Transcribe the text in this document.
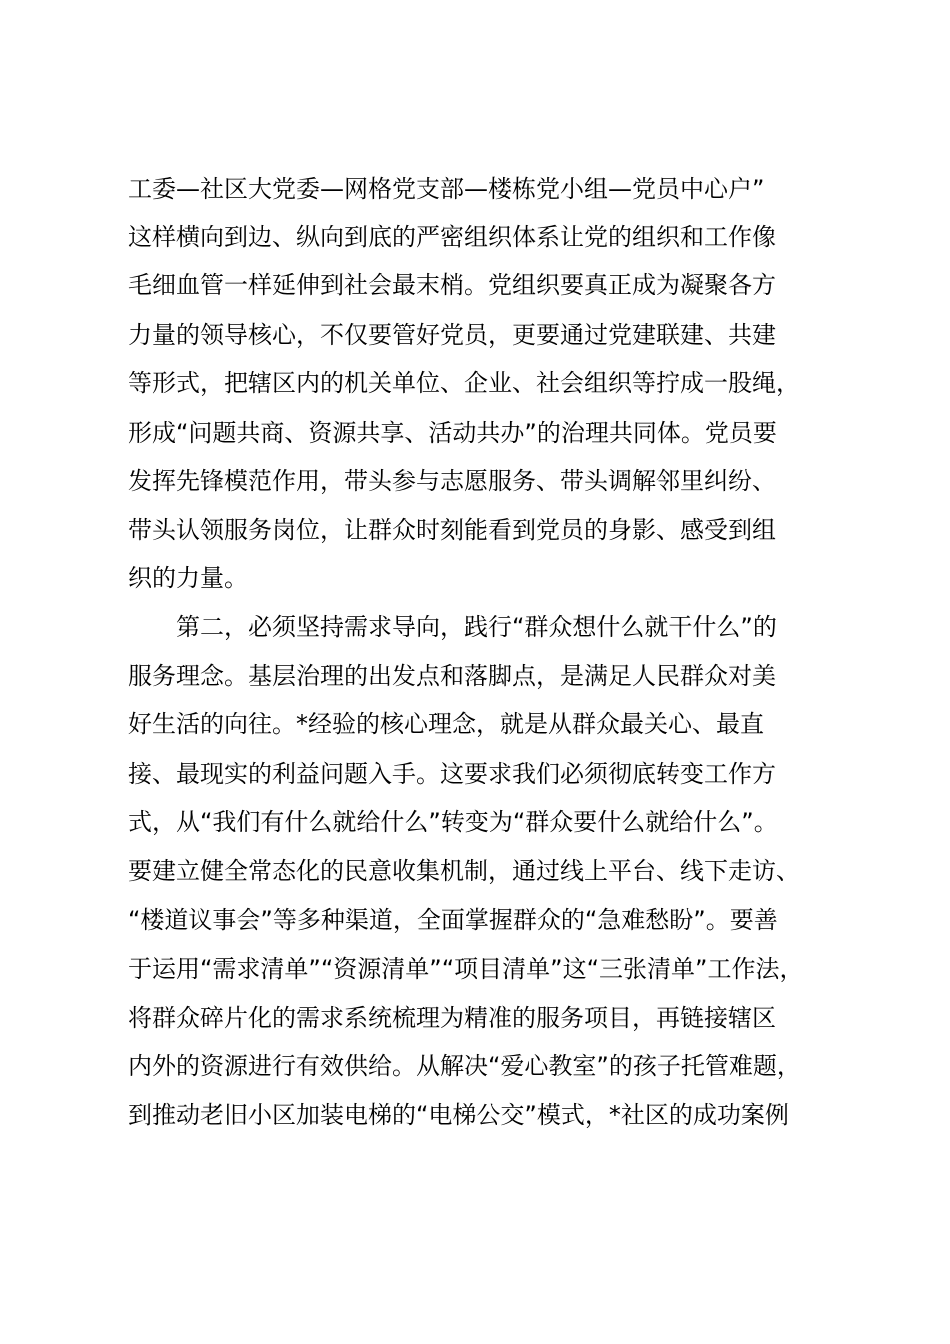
工委—社区大党委—网格党支部—楼栋党小组—党员中心户”
这样横向到边、纵向到底的严密组织体系让党的组织和工作像
毛细血管一样延伸到社会最末梢。党组织要真正成为凝聚各方
力量的领导核心，不仅要管好党员，更要通过党建联建、共建
等形式，把辖区内的机关单位、企业、社会组织等拧成一股绳，
形成“问题共商、资源共享、活动共办”的治理共同体。党员要
发挥先锋模范作用，带头参与志愿服务、带头调解邻里纠纷、
带头认领服务岗位，让群众时刻能看到党员的身影、感受到组
织的力量。
第二，必须坚持需求导向，践行“群众想什么就干什么”的
服务理念。基层治理的出发点和落脚点，是满足人民群众对美
好生活的向往。*经验的核心理念，就是从群众最关心、最直
接、最现实的利益问题入手。这要求我们必须彻底转变工作方
式，从“我们有什么就给什么”转变为“群众要什么就给什么”。
要建立健全常态化的民意收集机制，通过线上平台、线下走访、
“楼道议事会”等多种渠道，全面掌握群众的“急难愁盼”。要善
于运用“需求清单”“资源清单”“项目清单”这“三张清单”工作法，
将群众碎片化的需求系统梳理为精准的服务项目，再链接辖区
内外的资源进行有效供给。从解决“爱心教室”的孩子托管难题，
到推动老旧小区加装电梯的“电梯公交”模式，*社区的成功案例
